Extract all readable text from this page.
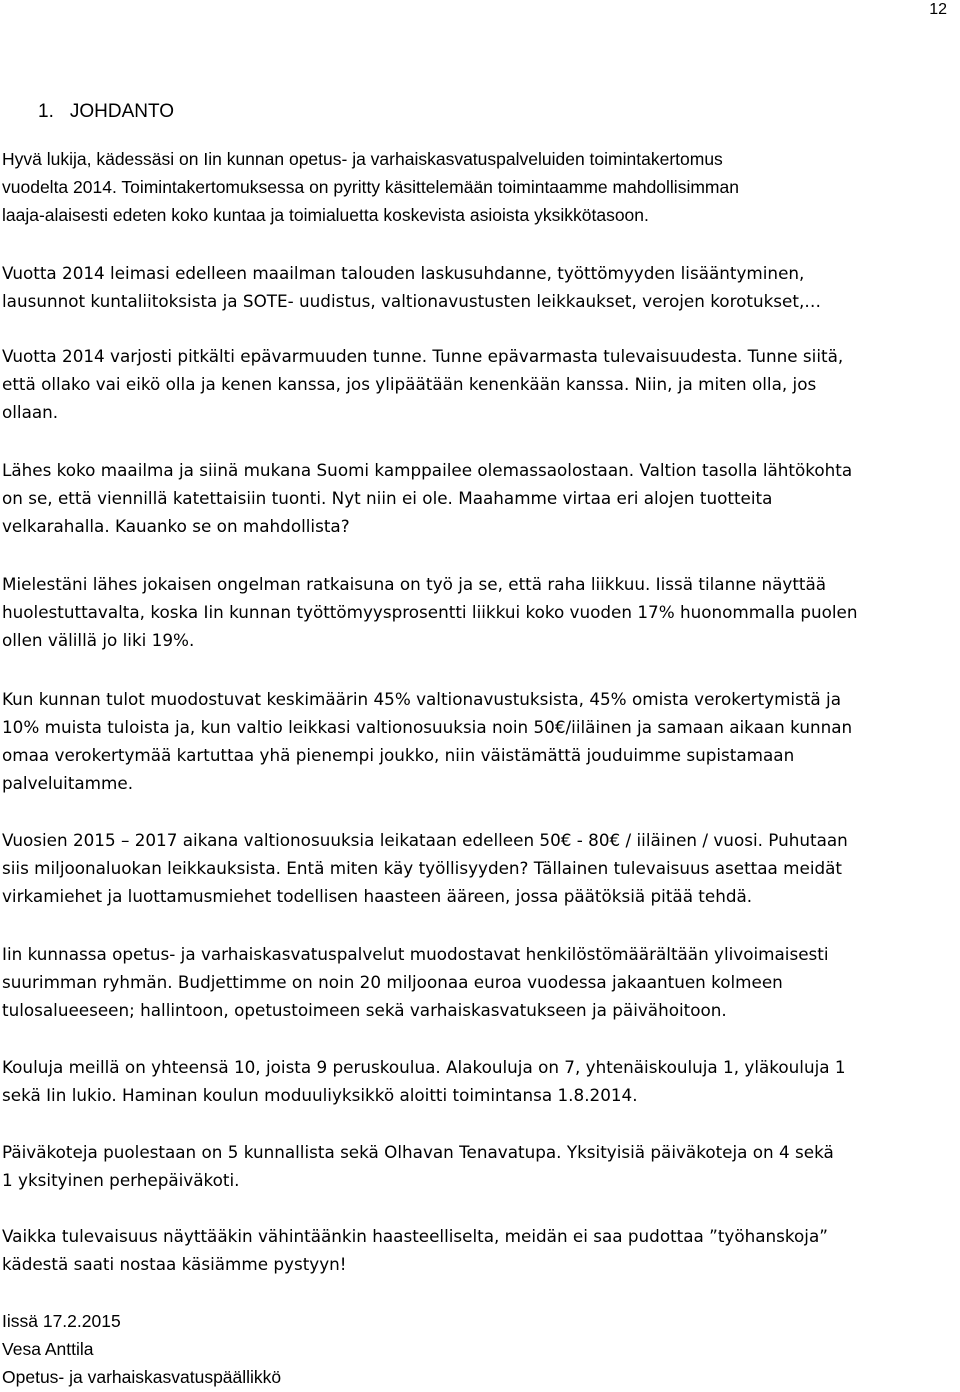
12
1. JOHDANTO

Hyvä lukija, kädessäsi on Iin kunnan opetus- ja varhaiskasvatuspalveluiden toimintakertomus
vuodelta 2014. Toimintakertomuksessa on pyritty käsittelemään toimintaamme mahdollisimman
laaja-alaisesti edeten koko kuntaa ja toimialuetta koskevista asioista yksikkötasoon.

Vuotta 2014 leimasi edelleen maailman talouden laskusuhdanne, työttömyyden lisääntyminen,
lausunnot kuntaliitoksista ja SOTE- uudistus, valtionavustusten leikkaukset, verojen korotukset,…

Vuotta 2014 varjosti pitkälti epävarmuuden tunne. Tunne epävarmasta tulevaisuudesta. Tunne siitä,
että ollako vai eikö olla ja kenen kanssa, jos ylipäätään kenenkään kanssa. Niin, ja miten olla, jos
ollaan.

Lähes koko maailma ja siinä mukana Suomi kamppailee olemassaolostaan. Valtion tasolla lähtökohta
on se, että viennillä katettaisiin tuonti. Nyt niin ei ole. Maahamme virtaa eri alojen tuotteita
velkarahalla. Kauanko se on mahdollista?

Mielestäni lähes jokaisen ongelman ratkaisuna on työ ja se, että raha liikkuu. Iissä tilanne näyttää
huolestuttavalta, koska Iin kunnan työttömyysprosentti liikkui koko vuoden 17% huonommalla puolen
ollen välillä jo liki 19%.

Kun kunnan tulot muodostuvat keskimäärin 45% valtionavustuksista, 45% omista verokertymistä ja
10% muista tuloista ja, kun valtio leikkasi valtionosuuksia noin 50€/iiläinen ja samaan aikaan kunnan
omaa verokertymää kartuttaa yhä pienempi joukko, niin väistämättä jouduimme supistamaan
palveluitamme.

Vuosien 2015 – 2017 aikana valtionosuuksia leikataan edelleen 50€ - 80€ / iiläinen / vuosi. Puhutaan
siis miljoonaluokan leikkauksista. Entä miten käy työllisyyden? Tällainen tulevaisuus asettaa meidät
virkamiehet ja luottamusmiehet todellisen haasteen ääreen, jossa päätöksiä pitää tehdä.

Iin kunnassa opetus- ja varhaiskasvatuspalvelut muodostavat henkilöstömäärältään ylivoimaisesti
suurimman ryhmän. Budjettimme on noin 20 miljoonaa euroa vuodessa jakaantuen kolmeen
tulosalueeseen; hallintoon, opetustoimeen sekä varhaiskasvatukseen ja päivähoitoon.

Kouluja meillä on yhteensä 10, joista 9 peruskoulua. Alakouluja on 7, yhtenäiskouluja 1, yläkouluja 1
sekä Iin lukio. Haminan koulun moduuliyksikkö aloitti toimintansa 1.8.2014.

Päiväkoteja puolestaan on 5 kunnallista sekä Olhavan Tenavatupa. Yksityisiä päiväkoteja on 4 sekä
1 yksityinen perhepäiväkoti.

Vaikka tulevaisuus näyttääkin vähintäänkin haasteelliselta, meidän ei saa pudottaa ”työhanskoja”
kädestä saati nostaa käsiämme pystyyn!

Iissä 17.2.2015
Vesa Anttila
Opetus- ja varhaiskasvatuspäällikkö
